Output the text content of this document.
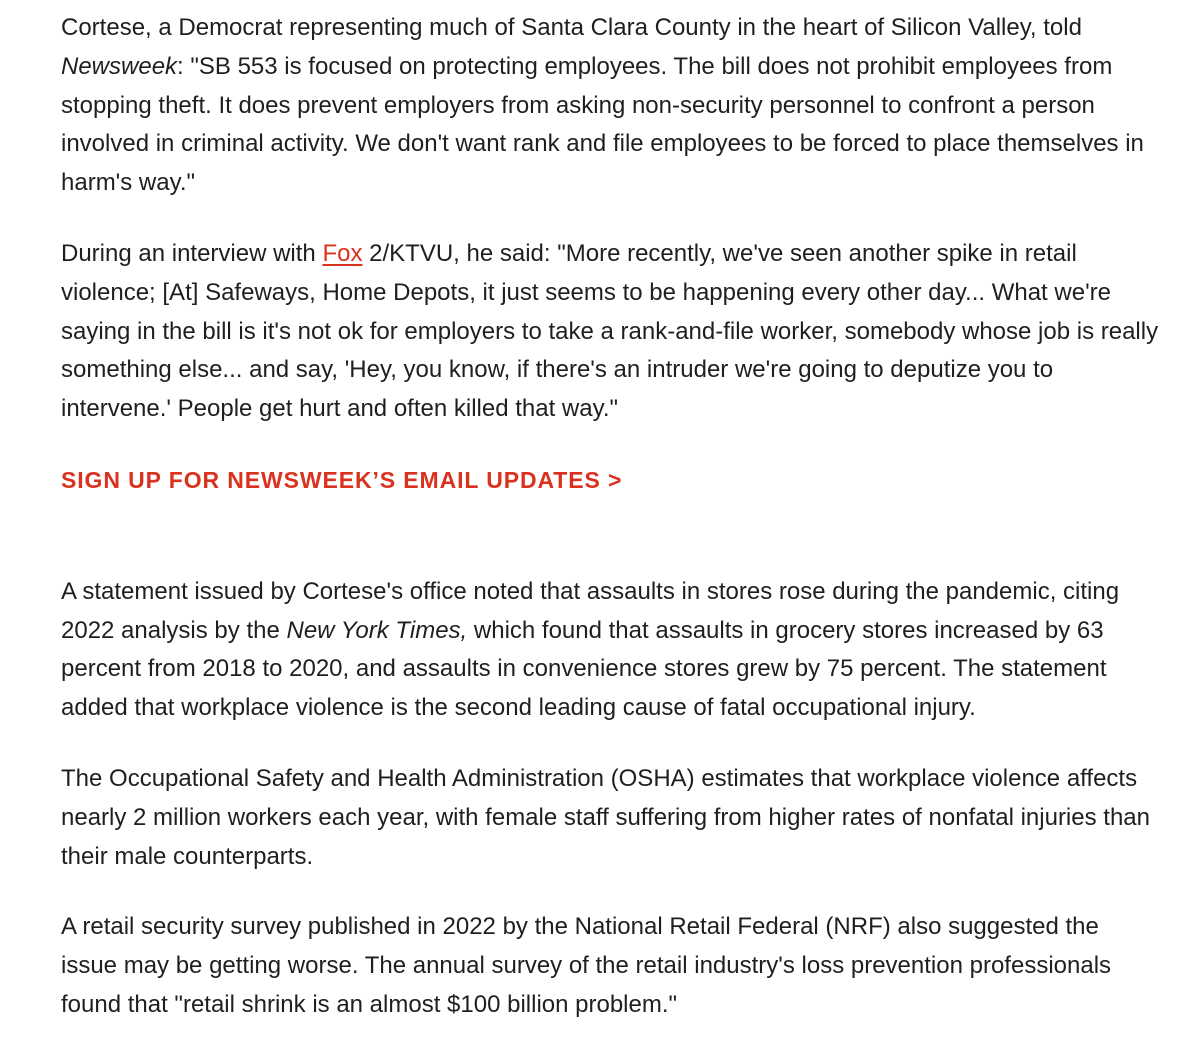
Cortese, a Democrat representing much of Santa Clara County in the heart of Silicon Valley, told Newsweek: "SB 553 is focused on protecting employees. The bill does not prohibit employees from stopping theft. It does prevent employers from asking non-security personnel to confront a person involved in criminal activity. We don't want rank and file employees to be forced to place themselves in harm's way."

During an interview with Fox 2/KTVU, he said: "More recently, we've seen another spike in retail violence; [At] Safeways, Home Depots, it just seems to be happening every other day... What we're saying in the bill is it's not ok for employers to take a rank-and-file worker, somebody whose job is really something else... and say, 'Hey, you know, if there's an intruder we're going to deputize you to intervene.' People get hurt and often killed that way."

SIGN UP FOR NEWSWEEK’S EMAIL UPDATES >

A statement issued by Cortese's office noted that assaults in stores rose during the pandemic, citing 2022 analysis by the New York Times, which found that assaults in grocery stores increased by 63 percent from 2018 to 2020, and assaults in convenience stores grew by 75 percent. The statement added that workplace violence is the second leading cause of fatal occupational injury.

The Occupational Safety and Health Administration (OSHA) estimates that workplace violence affects nearly 2 million workers each year, with female staff suffering from higher rates of nonfatal injuries than their male counterparts.

A retail security survey published in 2022 by the National Retail Federal (NRF) also suggested the issue may be getting worse. The annual survey of the retail industry's loss prevention professionals found that "retail shrink is an almost $100 billion problem."
